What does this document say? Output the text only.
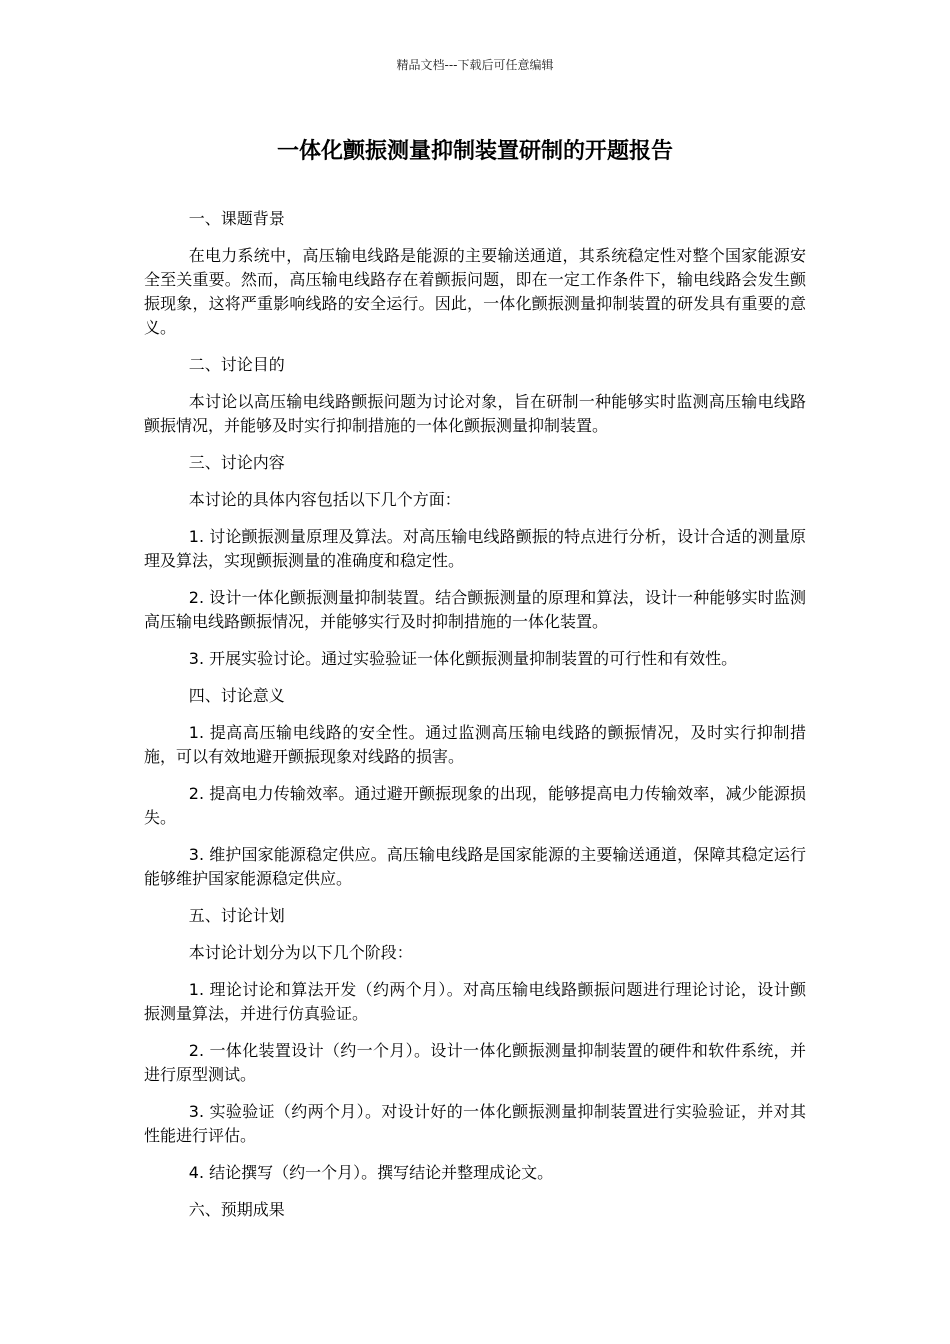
精品文档---下载后可任意编辑
一体化颤振测量抑制装置研制的开题报告
一、课题背景

在电力系统中，高压输电线路是能源的主要输送通道，其系统稳定性对整个国家能源安全至关重要。然而，高压输电线路存在着颤振问题，即在一定工作条件下，输电线路会发生颤振现象，这将严重影响线路的安全运行。因此，一体化颤振测量抑制装置的研发具有重要的意义。

二、讨论目的

本讨论以高压输电线路颤振问题为讨论对象，旨在研制一种能够实时监测高压输电线路颤振情况，并能够及时实行抑制措施的一体化颤振测量抑制装置。

三、讨论内容

本讨论的具体内容包括以下几个方面：

1. 讨论颤振测量原理及算法。对高压输电线路颤振的特点进行分析，设计合适的测量原理及算法，实现颤振测量的准确度和稳定性。

2. 设计一体化颤振测量抑制装置。结合颤振测量的原理和算法，设计一种能够实时监测高压输电线路颤振情况，并能够实行及时抑制措施的一体化装置。

3. 开展实验讨论。通过实验验证一体化颤振测量抑制装置的可行性和有效性。

四、讨论意义

1. 提高高压输电线路的安全性。通过监测高压输电线路的颤振情况，及时实行抑制措施，可以有效地避开颤振现象对线路的损害。

2. 提高电力传输效率。通过避开颤振现象的出现，能够提高电力传输效率，减少能源损失。

3. 维护国家能源稳定供应。高压输电线路是国家能源的主要输送通道，保障其稳定运行能够维护国家能源稳定供应。

五、讨论计划

本讨论计划分为以下几个阶段：

1. 理论讨论和算法开发（约两个月）。对高压输电线路颤振问题进行理论讨论，设计颤振测量算法，并进行仿真验证。

2. 一体化装置设计（约一个月）。设计一体化颤振测量抑制装置的硬件和软件系统，并进行原型测试。

3. 实验验证（约两个月）。对设计好的一体化颤振测量抑制装置进行实验验证，并对其性能进行评估。

4. 结论撰写（约一个月）。撰写结论并整理成论文。

六、预期成果
